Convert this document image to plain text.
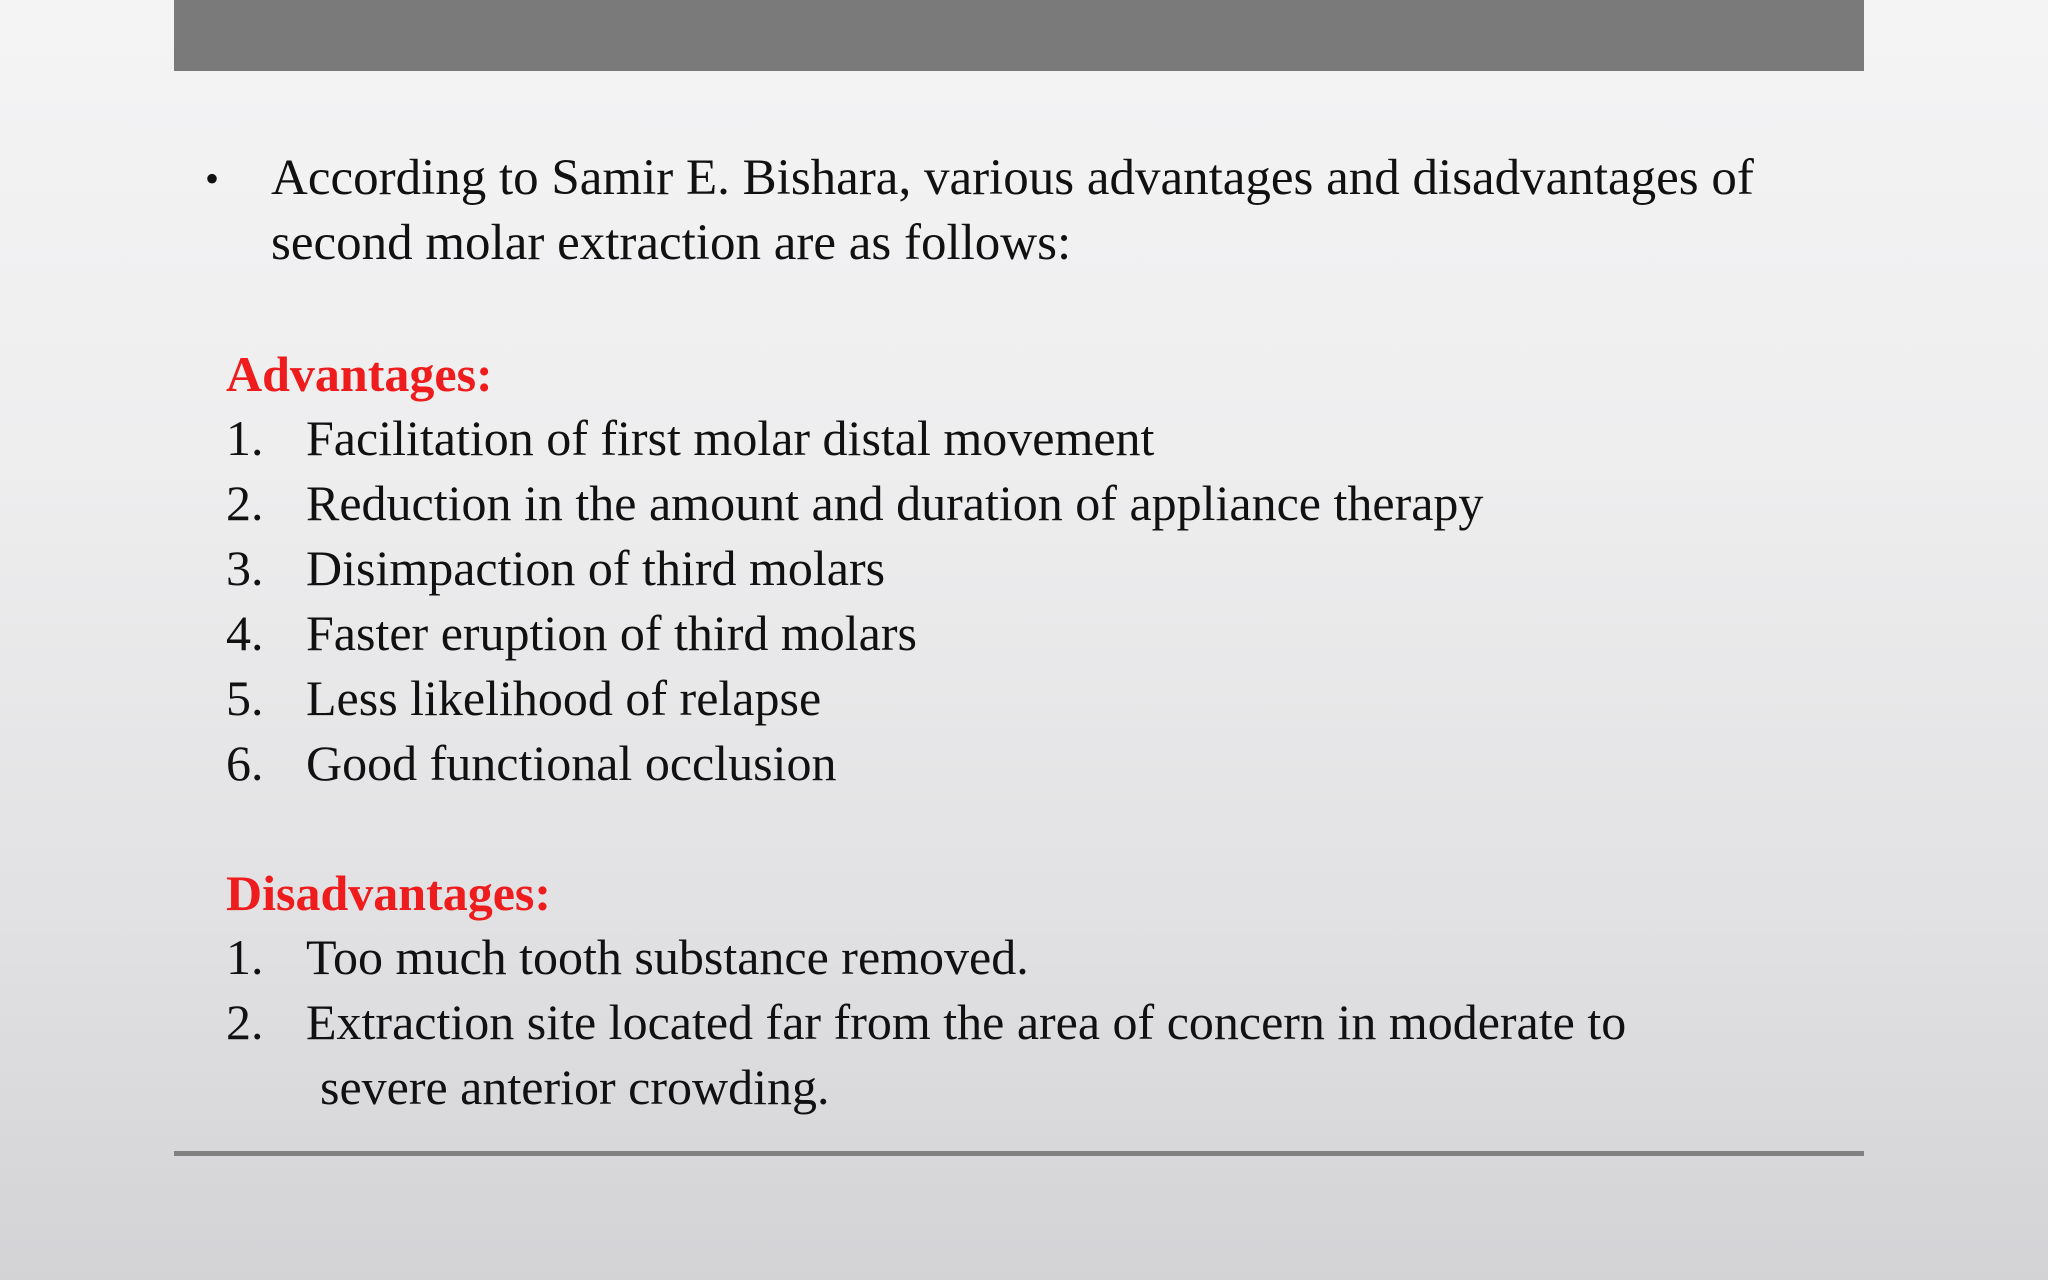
•	According to Samir E. Bishara, various advantages and disadvantages of
second molar extraction are as follows:
Advantages:
1. Facilitation of first molar distal movement
2. Reduction in the amount and duration of appliance therapy
3. Disimpaction of third molars
4. Faster eruption of third molars
5. Less likelihood of relapse
6. Good functional occlusion
Disadvantages:
1. Too much tooth substance removed.
2. Extraction site located far from the area of concern in moderate to
severe anterior crowding.
